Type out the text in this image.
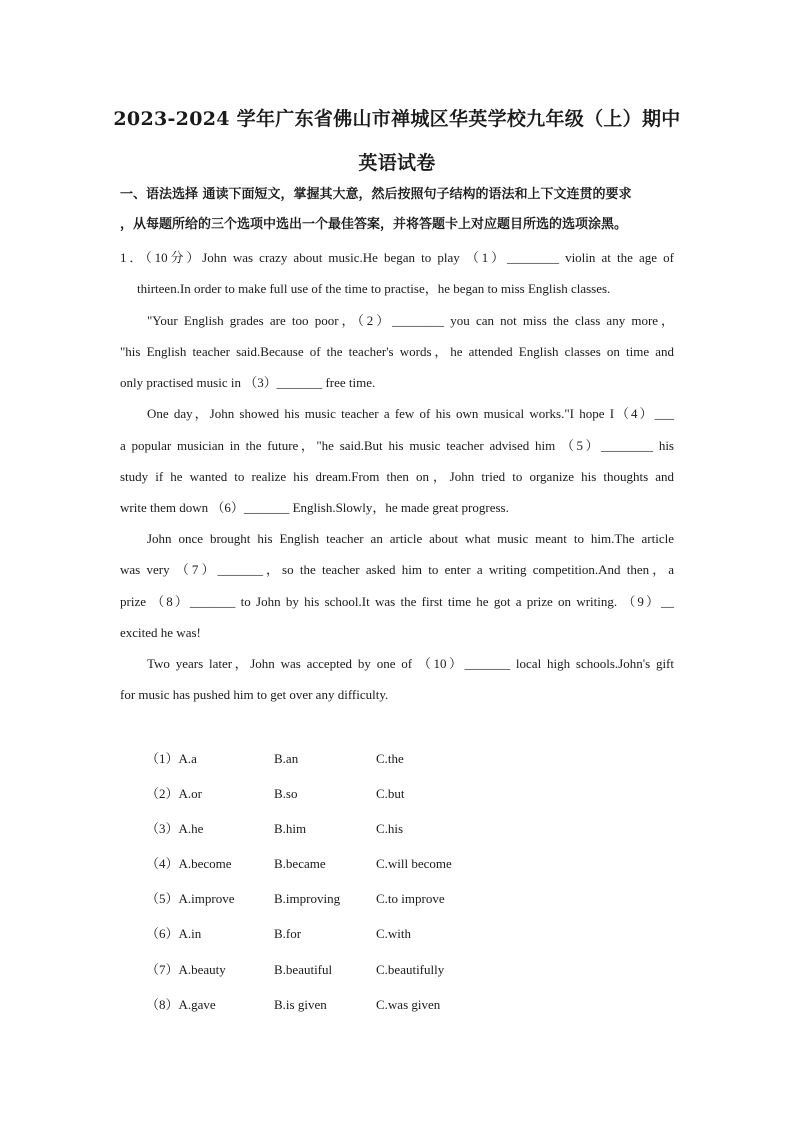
2023-2024 学年广东省佛山市禅城区华英学校九年级（上）期中
英语试卷
一、语法选择 通读下面短文，掌握其大意，然后按照句子结构的语法和上下文连贯的要求
，从每题所给的三个选项中选出一个最佳答案，并将答题卡上对应题目所选的选项涂黑。
1．（10分）John was crazy about music.He began to play （1）________ violin at the age of
thirteen.In order to make full use of the time to practise，he began to miss English classes.
"Your English grades are too poor，（2）________ you can not miss the class any more，
"his English teacher said.Because of the teacher's words，he attended English classes on time and
only practised music in （3）_______ free time.
One day，John showed his music teacher a few of his own musical works."I hope I（4）___
a popular musician in the future，"he said.But his music teacher advised him （5）________ his
study if he wanted to realize his dream.From then on，John tried to organize his thoughts and
write them down （6）_______ English.Slowly，he made great progress.
John once brought his English teacher an article about what music meant to him.The article
was very （7）_______，so the teacher asked him to enter a writing competition.And then，a
prize （8）_______ to John by his school.It was the first time he got a prize on writing. （9）__
excited he was!
Two years later，John was accepted by one of （10）_______ local high schools.John's gift
for music has pushed him to get over any difficulty.
（1）A.a	B.an	C.the
（2）A.or	B.so	C.but
（3）A.he	B.him	C.his
（4）A.become	B.became	C.will become
（5）A.improve	B.improving	C.to improve
（6）A.in	B.for	C.with
（7）A.beauty	B.beautiful	C.beautifully
（8）A.gave	B.is given	C.was given
